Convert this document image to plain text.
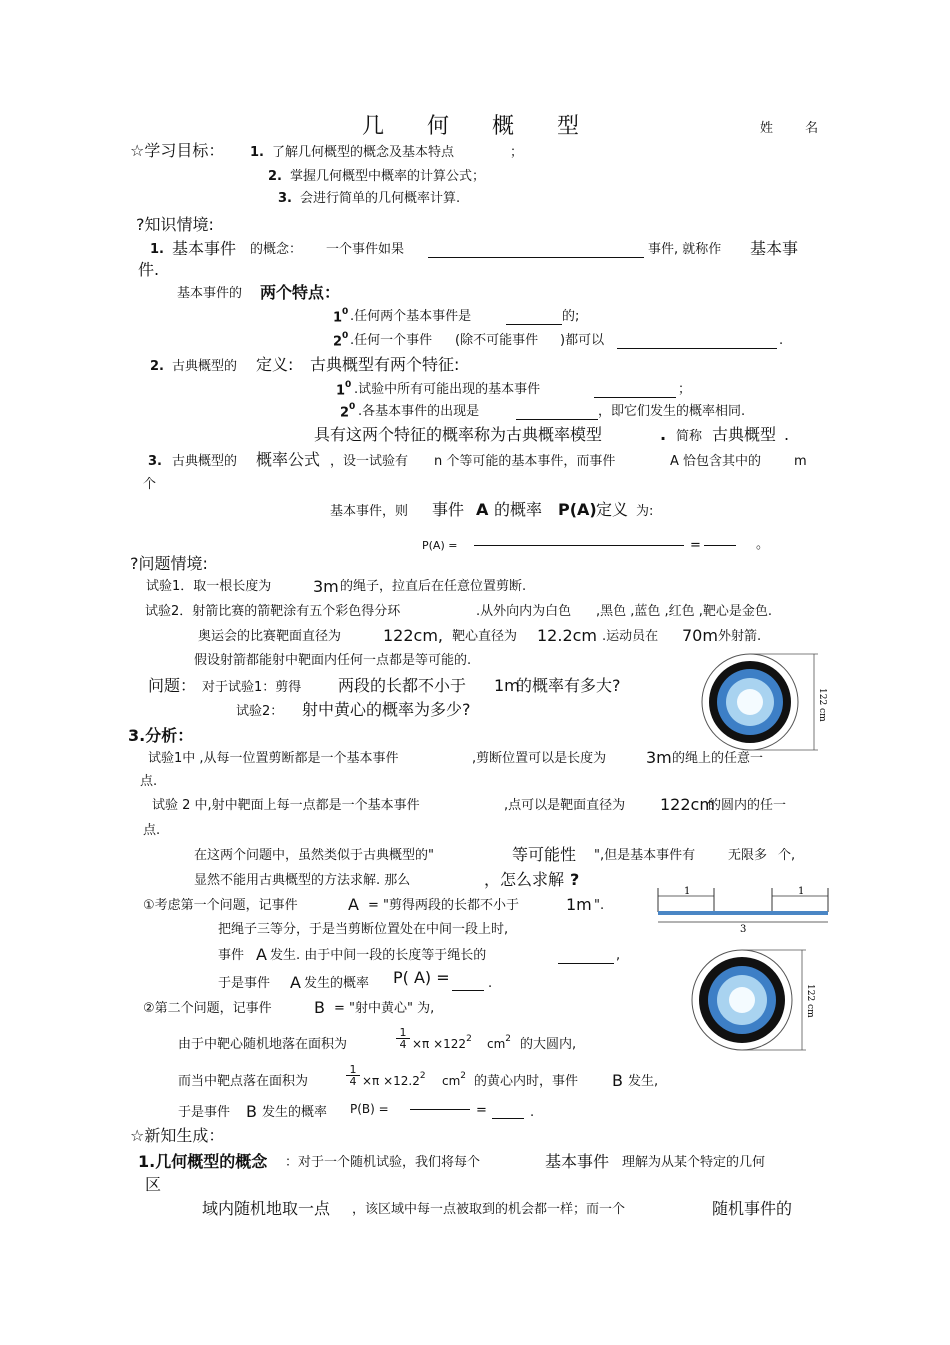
几 何 概 型	姓 名
☆学习目标： 1. 了解几何概型的概念及基本特点	；
2. 掌握几何概型中概率的计算公式；
3. 会进行简单的几何概率计算.
?知识情境:
1. 基本事件 的概念： 一个事件如果	事件, 就称作 基本事
件.
基本事件的 两个特点：
$1^0$ .任何两个基本事件是	的;
$2^0$ .任何一个事件 (除不可能事件 )都可以	.
2. 古典概型的 定义: 古典概型有两个特征:
$1^0$ .试验中所有可能出现的基本事件	；
$2^0$ .各基本事件的出现是	，即它们发生的概率相同.
具有这两个特征的概率称为古典概率模型	. 简称 古典概型 .
3. 古典概型的 概率公式 ，设一试验有 n 个等可能的基本事件，而事件	A 恰包含其中的	m
个
基本事件，则 事件 A 的概率 P(A) 定义 为:
P(A) =	=	。
?问题情境:
试验1．取一根长度为	3m 的绳子，拉直后在任意位置剪断.
试验2．射箭比赛的箭靶涂有五个彩色得分环	.从外向内为白色 ,黑色 ,蓝色 ,红色 ,靶心是金色.
奥运会的比赛靶面直径为	122cm, 靶心直径为 12.2cm .运动员在 70m 外射箭.
假设射箭都能射中靶面内任何一点都是等可能的.
问题： 对于试验1：剪得 两段的长都不小于 1m
的概率有多大?
试验2： 射中黄心的概率为多少?	122 cm
3.分析：
试验1中 ,从每一位置剪断都是一个基本事件	,剪断位置可以是长度为 3m 的绳上的任意一
点.
试验 2 中,射中靶面上每一点都是一个基本事件	,点可以是靶面直径为 122cm
的圆内的任一
点.
在这两个问题中，虽然类似于古典概型的"	等可能性 ",但是基本事件有	无限多 个,
显然不能用古典概型的方法求解. 那么	，怎么求解 ?
①考虑第一个问题，记事件	A = "剪得两段的长都不小于	1m ".
把绳子三等分，于是当剪断位置处在中间一段上时,
事件 A 发生. 由于中间一段的长度等于绳长的	,
于是事件 A 发生的概率 P( A) =	.
1	1
3
122 cm
②第二个问题，记事件	B = "射中黄心" 为,
由于中靶心随机地落在面积为	$\frac{1}{4} \times\pi \times 122^2$ $cm^2$ 的大圆内,
而当中靶点落在面积为	$\frac{1}{4} \times\pi \times 12.2^2$ $cm^2$ 的黄心内时，事件 B 发生,
于是事件 B 发生的概率 P(B) =	=	.
☆新知生成：
1.几何概型的概念 ：对于一个随机试验，我们将每个	基本事件 理解为从某个特定的几何
区
域内随机地取一点 ，该区域中每一点被取到的机会都一样；而一个	随机事件的
